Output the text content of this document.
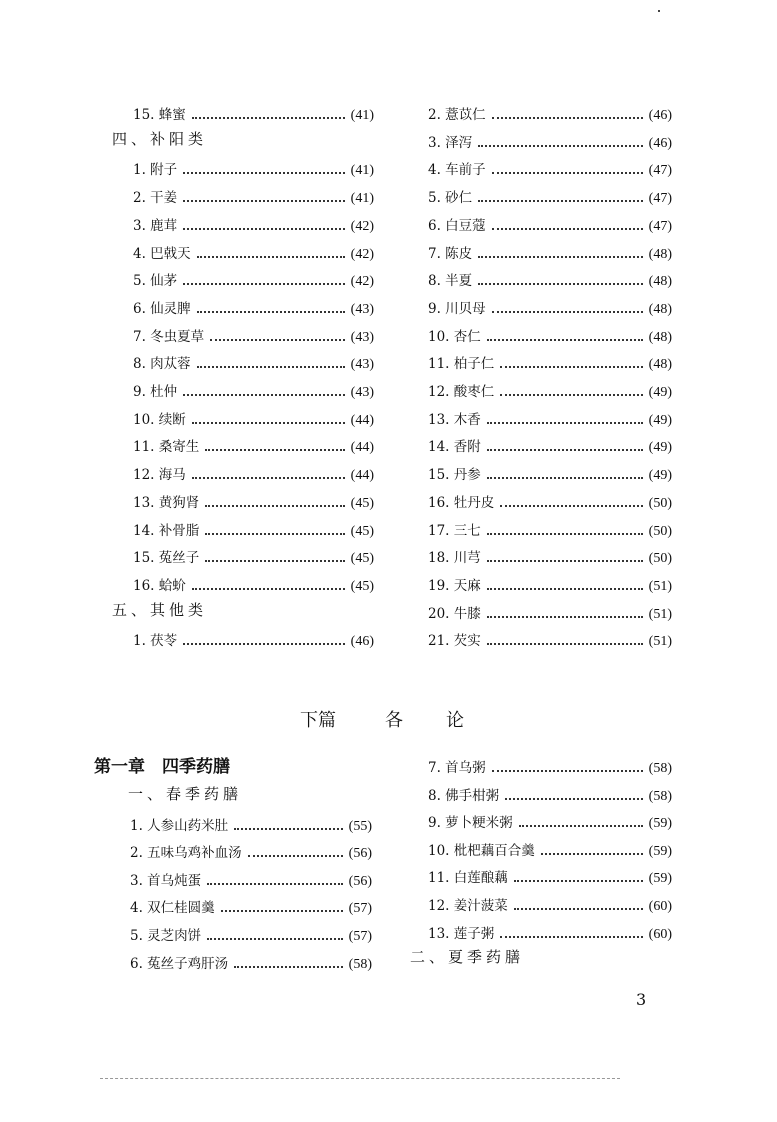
15. 蜂蜜	(41)
四、补阳类
1. 附子	(41)
2. 干姜	(41)
3. 鹿茸	(42)
4. 巴戟天	(42)
5. 仙茅	(42)
6. 仙灵脾	(43)
7. 冬虫夏草	(43)
8. 肉苁蓉	(43)
9. 杜仲	(43)
10. 续断	(44)
11. 桑寄生	(44)
12. 海马	(44)
13. 黄狗肾	(45)
14. 补骨脂	(45)
15. 菟丝子	(45)
16. 蛤蚧	(45)
五、其他类
1. 茯苓	(46)
2. 薏苡仁	(46)
3. 泽泻	(46)
4. 车前子	(47)
5. 砂仁	(47)
6. 白豆蔻	(47)
7. 陈皮	(48)
8. 半夏	(48)
9. 川贝母	(48)
10. 杏仁	(48)
11. 柏子仁	(48)
12. 酸枣仁	(49)
13. 木香	(49)
14. 香附	(49)
15. 丹参	(49)
16. 牡丹皮	(50)
17. 三七	(50)
18. 川芎	(50)
19. 天麻	(51)
20. 牛膝	(51)
21. 芡实	(51)
下篇	各 论
第一章　四季药膳
一、春季药膳
1. 人参山药米肚	(55)
2. 五味乌鸡补血汤	(56)
3. 首乌炖蛋	(56)
4. 双仁桂圆羹	(57)
5. 灵芝肉饼	(57)
6. 菟丝子鸡肝汤	(58)
7. 首乌粥	(58)
8. 佛手柑粥	(58)
9. 萝卜粳米粥	(59)
10. 枇杷藕百合羹	(59)
11. 白莲酿藕	(59)
12. 姜汁菠菜	(60)
13. 莲子粥	(60)
二、夏季药膳
3
